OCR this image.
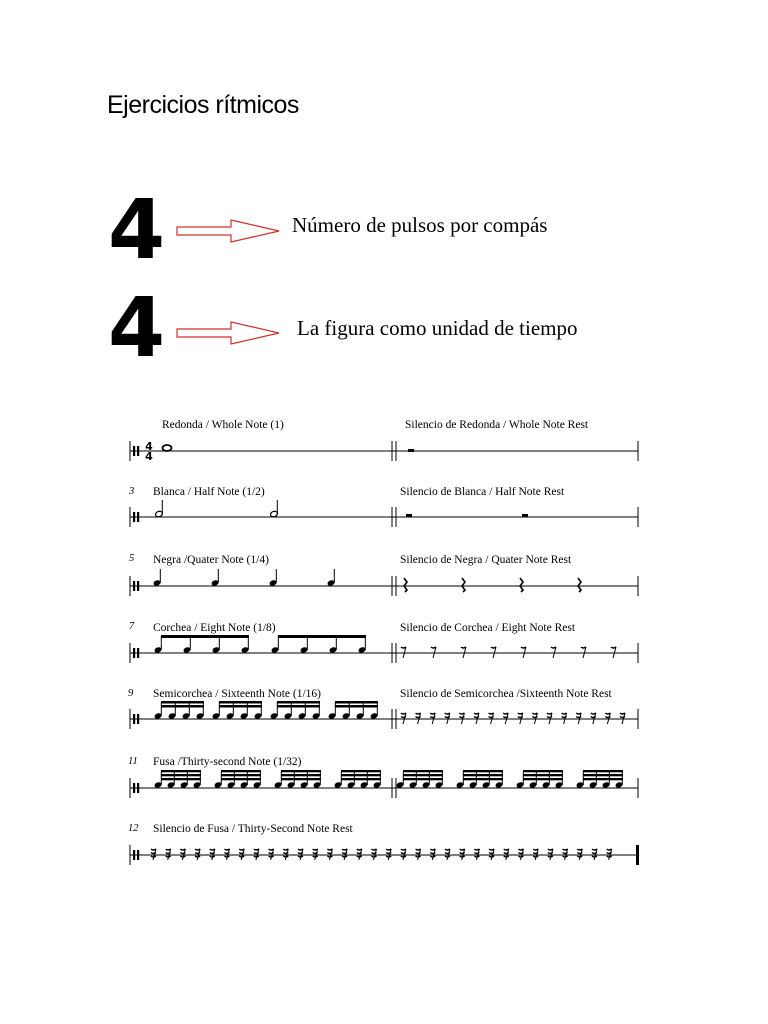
Ejercicios rítmicos
4	Número de pulsos por compás
4	La figura como unidad de tiempo
Redonda / Whole Note (1)	Silencio de Redonda / Whole Note Rest
3 Blanca / Half Note (1/2)	Silencio de Blanca / Half Note Rest
5 Negra /Quater Note (1/4)	Silencio de Negra / Quater Note Rest
7 Corchea / Eight Note (1/8)	Silencio de Corchea / Eight Note Rest
9 Semicorchea / Sixteenth Note (1/16)	Silencio de Semicorchea /Sixteenth Note Rest
11 Fusa /Thirty-second Note (1/32)
12 Silencio de Fusa / Thirty-Second Note Rest
4
4
